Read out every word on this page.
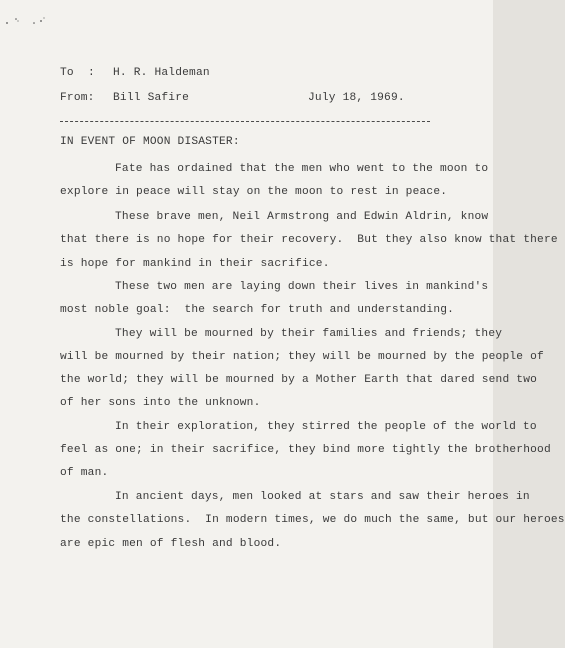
To : H. R. Haldeman
From: Bill Safire	July 18, 1969.
IN EVENT OF MOON DISASTER:
Fate has ordained that the men who went to the moon to
explore in peace will stay on the moon to rest in peace.
These brave men, Neil Armstrong and Edwin Aldrin, know
that there is no hope for their recovery.  But they also know that there
is hope for mankind in their sacrifice.
These two men are laying down their lives in mankind's
most noble goal:  the search for truth and understanding.
They will be mourned by their families and friends; they
will be mourned by their nation; they will be mourned by the people of
the world; they will be mourned by a Mother Earth that dared send two
of her sons into the unknown.
In their exploration, they stirred the people of the world to
feel as one; in their sacrifice, they bind more tightly the brotherhood
of man.
In ancient days, men looked at stars and saw their heroes in
the constellations.  In modern times, we do much the same, but our heroes
are epic men of flesh and blood.
